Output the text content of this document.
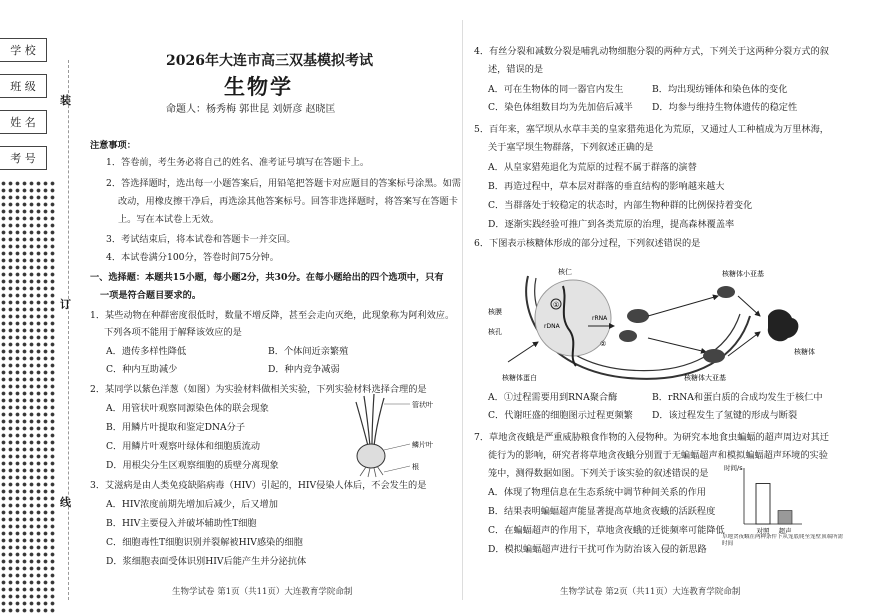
学 校
班 级
姓 名
考 号
装
订
线
2026年大连市高三双基模拟考试
生物学
命题人：杨秀梅 郭世昆 刘妍彦 赵晓匡
注意事项：
1．答卷前，考生务必将自己的姓名、准考证号填写在答题卡上。
2．答选择题时，选出每一小题答案后，用铅笔把答题卡对应题目的答案标号涂黑。如需
改动，用橡皮擦干净后，再选涂其他答案标号。回答非选择题时，将答案写在答题卡
上。写在本试卷上无效。
3．考试结束后，将本试卷和答题卡一并交回。
4．本试卷满分100分，答卷时间75分钟。
一、选择题：本题共15小题，每小题2分，共30分。在每小题给出的四个选项中，只有
一项是符合题目要求的。
1．某些动物在种群密度很低时，数量不增反降，甚至会走向灭绝，此现象称为阿利效应。
下列各项不能用于解释该效应的是
A．遗传多样性降低	B．个体间近亲繁殖
C．种内互助减少	D．种内竞争减弱
2．某同学以紫色洋葱（如图）为实验材料做相关实验，下列实验材料选择合理的是
A．用管状叶观察同源染色体的联会现象
B．用鳞片叶提取和鉴定DNA分子
C．用鳞片叶观察叶绿体和细胞质流动
D．用根尖分生区观察细胞的质壁分离现象
管状叶
鳞片叶
根
3．艾滋病是由人类免疫缺陷病毒（HIV）引起的，HIV侵染人体后，不会发生的是
A．HIV浓度前期先增加后减少，后又增加
B．HIV主要侵入并破坏辅助性T细胞
C．细胞毒性T细胞识别并裂解被HIV感染的细胞
D．浆细胞表面受体识别HIV后能产生并分泌抗体
生物学试卷 第1页（共11页）大连教育学院命制
4．有丝分裂和减数分裂是哺乳动物细胞分裂的两种方式，下列关于这两种分裂方式的叙
述，错误的是
A．可在生物体的同一器官内发生	B．均出现纺锤体和染色体的变化
C．染色体组数目均为先加倍后减半 D．均参与维持生物体遗传的稳定性
5．百年来，塞罕坝从水草丰美的皇家猎苑退化为荒原，又通过人工种植成为万里林海，
关于塞罕坝生物群落，下列叙述正确的是
A．从皇家猎苑退化为荒原的过程不属于群落的演替
B．再造过程中，草本层对群落的垂直结构的影响越来越大
C．当群落处于较稳定的状态时，内部生物种群的比例保持着变化
D．逐渐实践经验可推广到各类荒原的治理，提高森林覆盖率
6．下图表示核糖体形成的部分过程，下列叙述错误的是
核仁
核膜
核孔
rRNA
rDNA
核糖体
核糖体小亚基
核糖体大亚基
核糖体蛋白
①
②
A．①过程需要用到RNA聚合酶	B．rRNA和蛋白质的合成均发生于核仁中
C．代谢旺盛的细胞图示过程更频繁 D．该过程发生了氢键的形成与断裂
7．草地贪夜蛾是严重威胁粮食作物的入侵物种。为研究本地食虫蝙蝠的超声周边对其迁
徙行为的影响，研究者将草地贪夜蛾分别置于无蝙蝠超声和模拟蝙蝠超声环境的实验
笼中，测得数据如图。下列关于该实验的叙述错误的是
A．体现了物理信息在生态系统中调节种间关系的作用
B．结果表明蝙蝠超声能显著提高草地贪夜蛾的活跃程度
C．在蝙蝠超声的作用下，草地贪夜蛾的迁徙频率可能降低
D．模拟蝙蝠超声进行干扰可作为防治该入侵的新思路
时间/s
对照 超声
草地贪夜蛾在两种条件下从笼底爬至笼壁顶端所需时间
生物学试卷 第2页（共11页）大连教育学院命制
